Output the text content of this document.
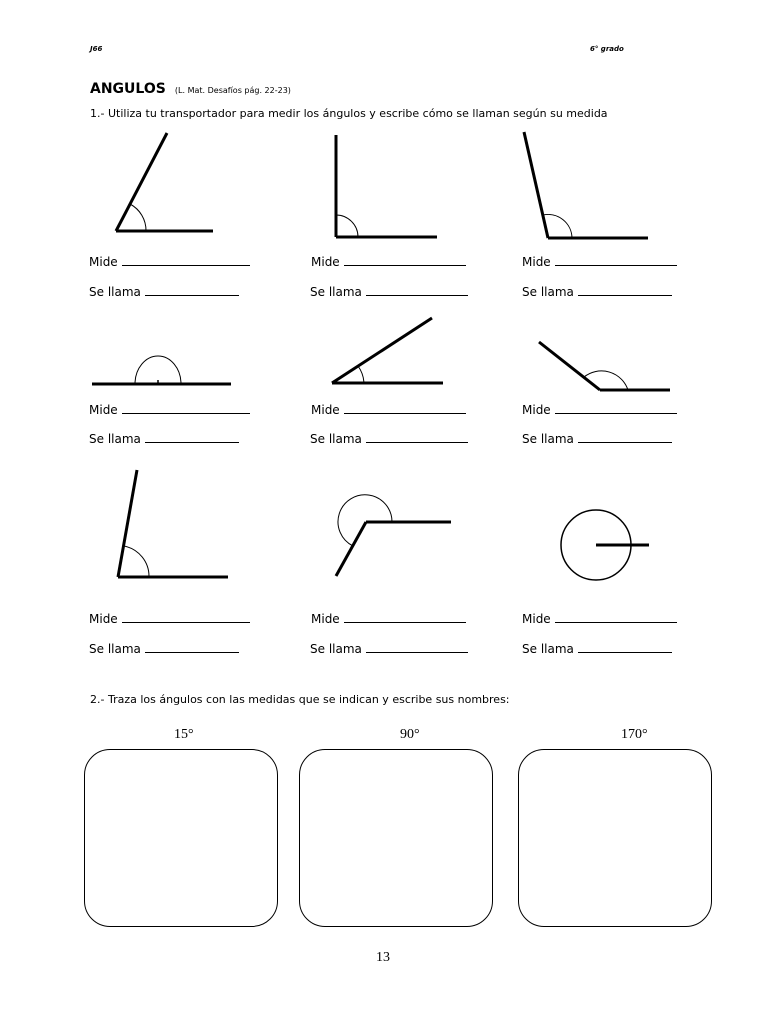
J66	6° grado
ANGULOS (L. Mat. Desafíos pág. 22-23)
1.- Utiliza tu transportador para medir los ángulos y escribe cómo se llaman según su medida
Mide	Mide	Mide
Se llama	Se llama	Se llama
Mide	Mide	Mide
Se llama	Se llama	Se llama
Mide	Mide	Mide
Se llama	Se llama	Se llama
2.- Traza los ángulos con las medidas que se indican y escribe sus nombres:
15°	90°	170°
13
